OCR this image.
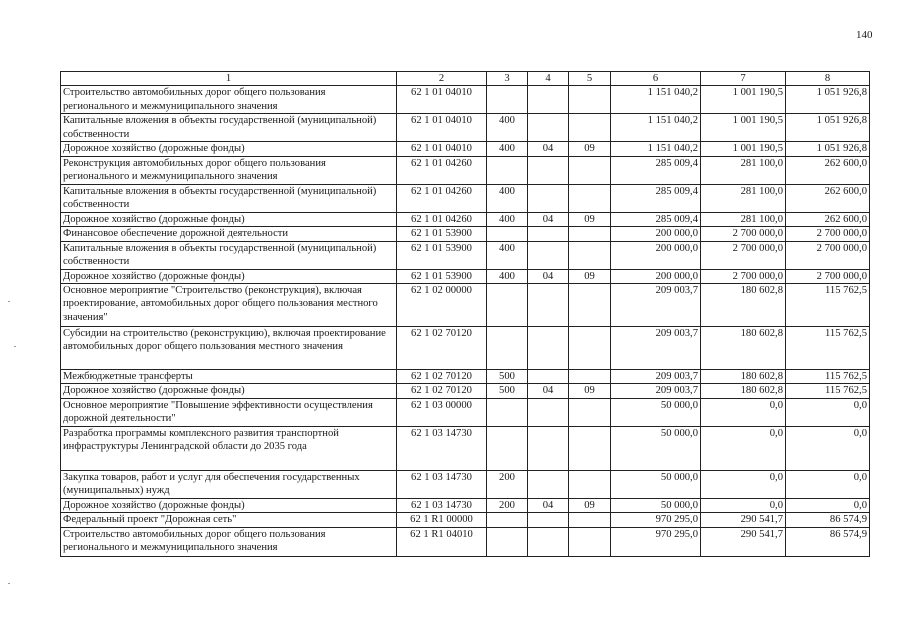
140
1	2	3	4	5	6	7	8
Строительство автомобильных дорог общего пользования регионального и межмуниципального значения	62 1 01 04010				1 151 040,2	1 001 190,5	1 051 926,8
Капитальные вложения в объекты государственной (муниципальной) собственности	62 1 01 04010	400			1 151 040,2	1 001 190,5	1 051 926,8
Дорожное хозяйство (дорожные фонды)	62 1 01 04010	400	04	09	1 151 040,2	1 001 190,5	1 051 926,8
Реконструкция автомобильных дорог общего пользования регионального и межмуниципального значения	62 1 01 04260				285 009,4	281 100,0	262 600,0
Капитальные вложения в объекты государственной (муниципальной) собственности	62 1 01 04260	400			285 009,4	281 100,0	262 600,0
Дорожное хозяйство (дорожные фонды)	62 1 01 04260	400	04	09	285 009,4	281 100,0	262 600,0
Финансовое обеспечение дорожной деятельности	62 1 01 53900				200 000,0	2 700 000,0	2 700 000,0
Капитальные вложения в объекты государственной (муниципальной) собственности	62 1 01 53900	400			200 000,0	2 700 000,0	2 700 000,0
Дорожное хозяйство (дорожные фонды)	62 1 01 53900	400	04	09	200 000,0	2 700 000,0	2 700 000,0
Основное мероприятие "Строительство (реконструкция), включая проектирование, автомобильных дорог общего пользования местного значения"	62 1 02 00000				209 003,7	180 602,8	115 762,5
Субсидии на строительство (реконструкцию), включая проектирование автомобильных дорог общего пользования местного значения	62 1 02 70120				209 003,7	180 602,8	115 762,5
Межбюджетные трансферты	62 1 02 70120	500			209 003,7	180 602,8	115 762,5
Дорожное хозяйство (дорожные фонды)	62 1 02 70120	500	04	09	209 003,7	180 602,8	115 762,5
Основное мероприятие "Повышение эффективности осуществления дорожной деятельности"	62 1 03 00000				50 000,0	0,0	0,0
Разработка программы комплексного развития транспортной инфраструктуры Ленинградской области до 2035 года	62 1 03 14730				50 000,0	0,0	0,0
Закупка товаров, работ и услуг для обеспечения государственных (муниципальных) нужд	62 1 03 14730	200			50 000,0	0,0	0,0
Дорожное хозяйство (дорожные фонды)	62 1 03 14730	200	04	09	50 000,0	0,0	0,0
Федеральный проект "Дорожная сеть"	62 1 R1 00000				970 295,0	290 541,7	86 574,9
Строительство автомобильных дорог общего пользования регионального и межмуниципального значения	62 1 R1 04010				970 295,0	290 541,7	86 574,9
